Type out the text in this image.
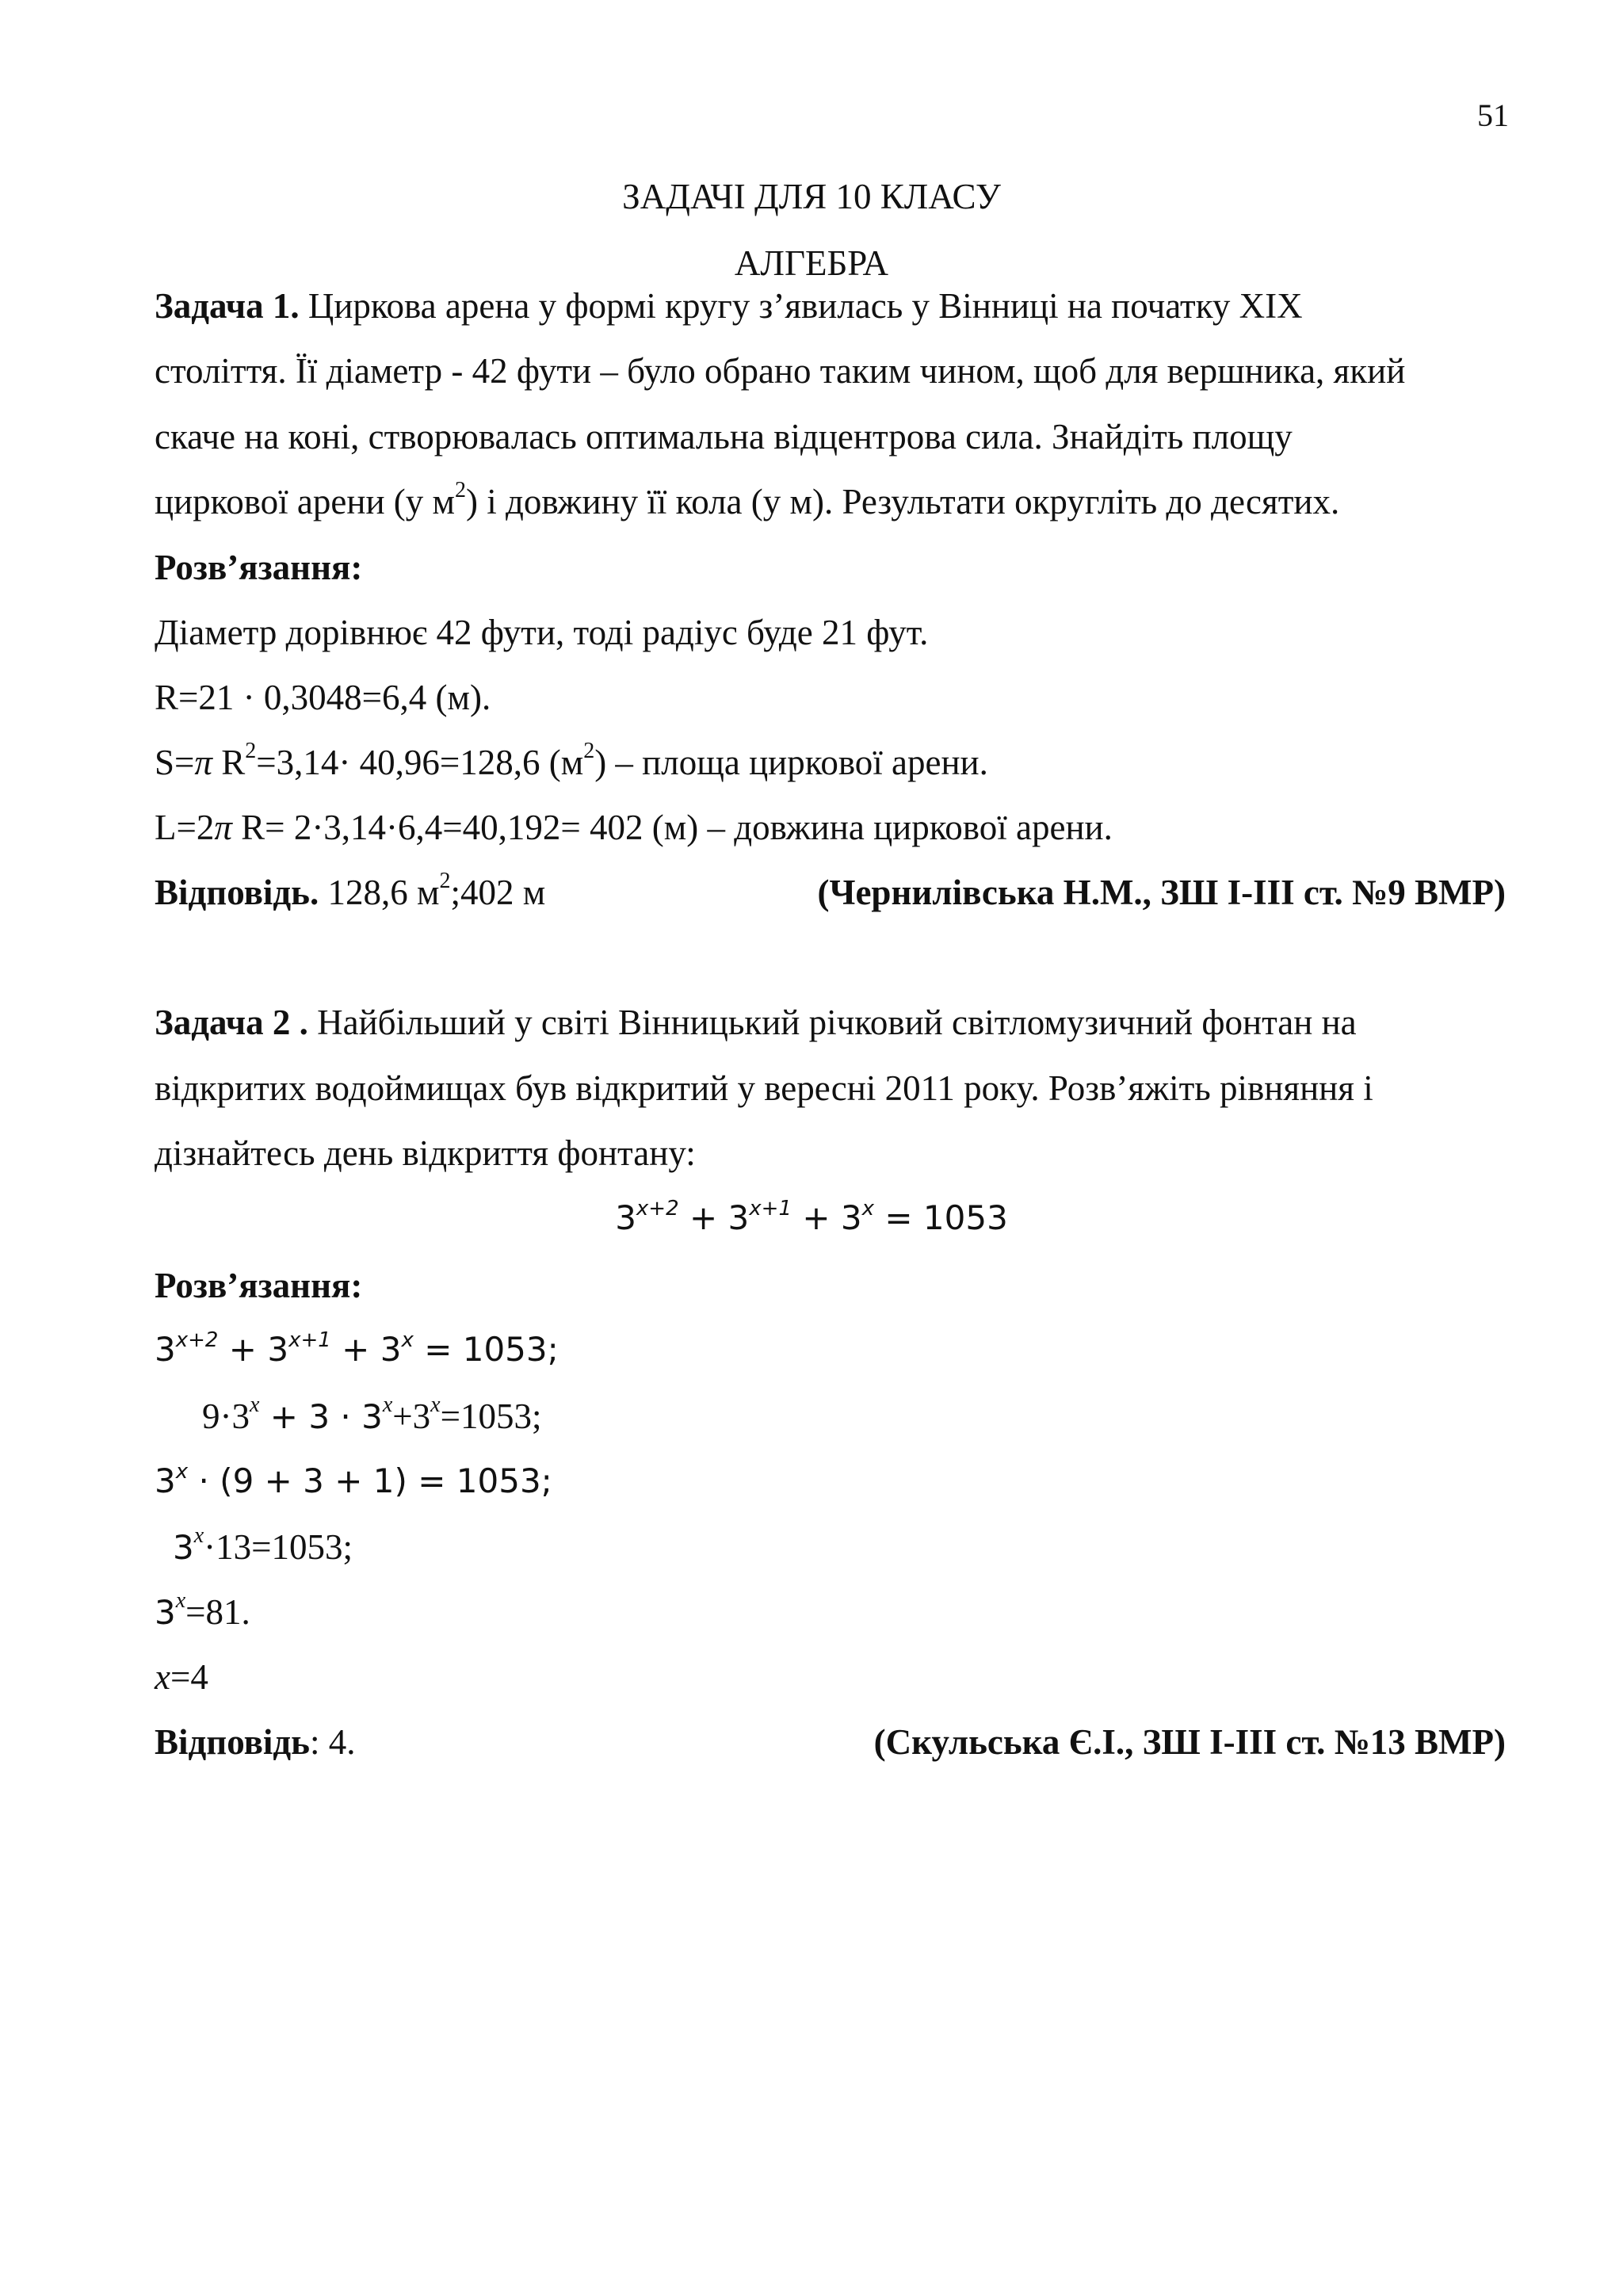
51
ЗАДАЧІ ДЛЯ 10 КЛАСУ
АЛГЕБРА
Задача 1. Циркова арена у формі кругу з’явилась у Вінниці на початку XIX
століття. Її діаметр - 42 фути – було обрано таким чином, щоб для вершника, який
скаче на коні, створювалась оптимальна відцентрова сила. Знайдіть площу
циркової арени (у $м^2$) і довжину її кола (у м). Результати округліть до десятих.
Розв’язання:
Діаметр дорівнює 42 фути, тоді радіус буде 21 фут.
R=21 · 0,3048=6,4 (м).
S=π $R^2=3,14\cdot 40,96=128,6$ $(м^2)$ – площа циркової арени.
L=2π R= 2·3,14·6,4=40,192= 402 (м) – довжина циркової арени.
Відповідь. 128,6 $м^2;402$ м	(Чернилівська Н.М., ЗШ І-ІІІ ст. №9 ВМР)
Задача 2 . Найбільший у світі Вінницький річковий світломузичний фонтан на
відкритих водоймищах був відкритий у вересні 2011 року. Розв’яжіть рівняння і
дізнайтесь день відкриття фонтану:
$3^{x+2} + 3^{x+1} + 3^x = 1053$
Розв’язання:
$3^{x+2} + 3^{x+1} + 3^x = 1053$;
$9\cdot 3^x + 3 \cdot 3^x+3^x=1053$;
$3^x \cdot (9 + 3 + 1) = 1053$;
$3^x\cdot 13=1053$;
$3^x=81$.
x=4
Відповідь: 4.	(Скульська Є.І., ЗШ І-ІІІ ст. №13 ВМР)
